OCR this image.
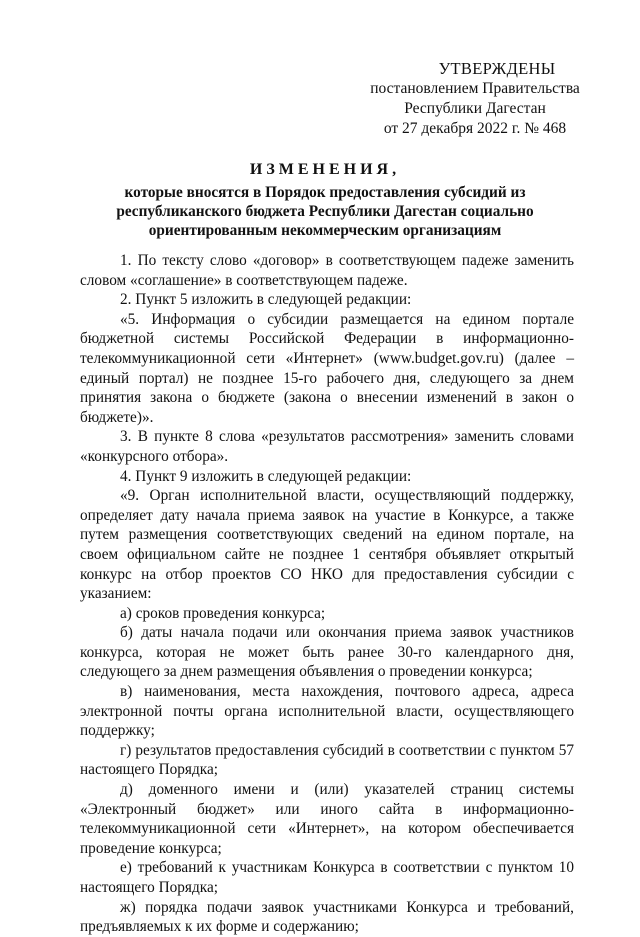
УТВЕРЖДЕНЫ
постановлением Правительства
Республики Дагестан
от 27 декабря 2022 г. № 468
ИЗМЕНЕНИЯ,
которые вносятся в Порядок предоставления субсидий из
республиканского бюджета Республики Дагестан социально
ориентированным некоммерческим организациям

1. По тексту слово «договор» в соответствующем падеже заменить словом «соглашение» в соответствующем падеже.

2. Пункт 5 изложить в следующей редакции:

«5. Информация о субсидии размещается на едином портале бюджетной системы Российской Федерации в информационно-телекоммуникационной сети «Интернет» (www.budget.gov.ru) (далее – единый портал) не позднее 15-го рабочего дня, следующего за днем принятия закона о бюджете (закона о внесении изменений в закон о бюджете)».

3. В пункте 8 слова «результатов рассмотрения» заменить словами «конкурсного отбора».

4. Пункт 9 изложить в следующей редакции:

«9. Орган исполнительной власти, осуществляющий поддержку, определяет дату начала приема заявок на участие в Конкурсе, а также путем размещения соответствующих сведений на едином портале, на своем официальном сайте не позднее 1 сентября объявляет открытый конкурс на отбор проектов СО НКО для предоставления субсидии с указанием:

а) сроков проведения конкурса;

б) даты начала подачи или окончания приема заявок участников конкурса, которая не может быть ранее 30-го календарного дня, следующего за днем размещения объявления о проведении конкурса;

в) наименования, места нахождения, почтового адреса, адреса электронной почты органа исполнительной власти, осуществляющего поддержку;

г) результатов предоставления субсидий в соответствии с пунктом 57 настоящего Порядка;

д) доменного имени и (или) указателей страниц системы «Электронный бюджет» или иного сайта в информационно-телекоммуникационной сети «Интернет», на котором обеспечивается проведение конкурса;

е) требований к участникам Конкурса в соответствии с пунктом 10 настоящего Порядка;

ж) порядка подачи заявок участниками Конкурса и требований, предъявляемых к их форме и содержанию;
